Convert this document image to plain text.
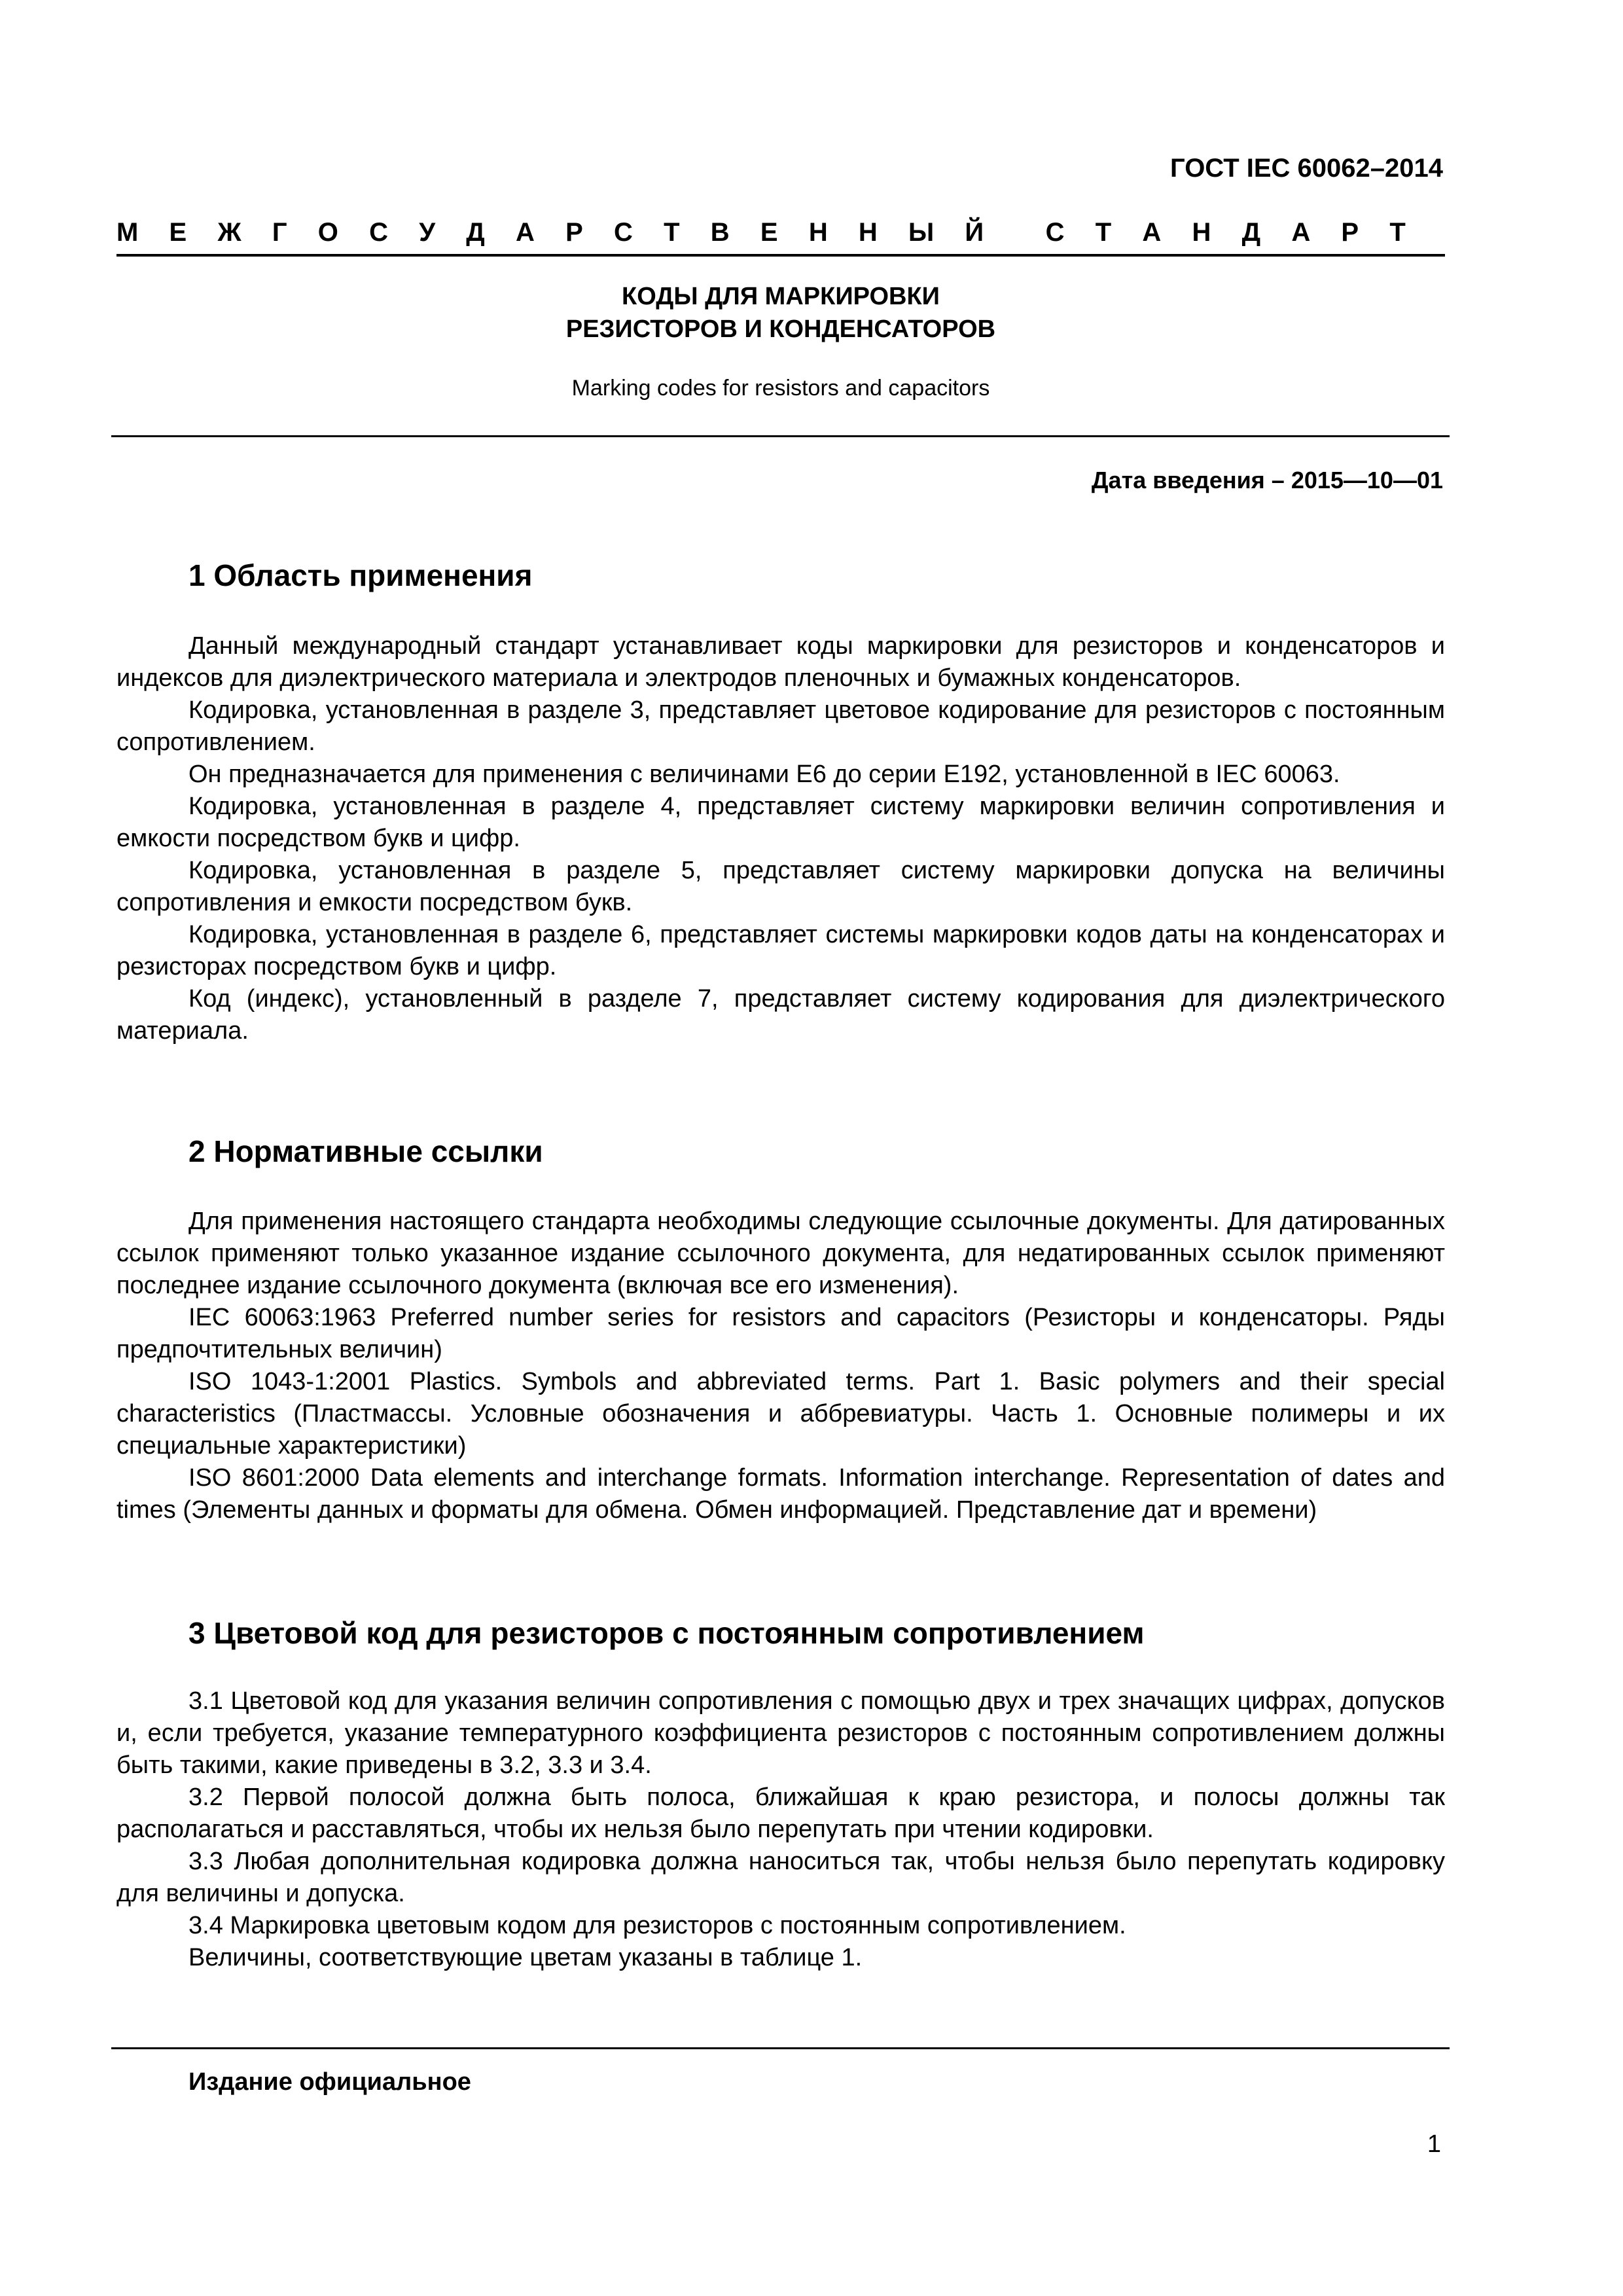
ГОСТ IEC 60062–2014
М Е Ж Г О С У Д А Р С Т В Е Н Н Ы Й С Т А Н Д А Р Т
КОДЫ ДЛЯ МАРКИРОВКИ
РЕЗИСТОРОВ И КОНДЕНСАТОРОВ
Marking codes for resistors and capacitors
Дата введения – 2015—10—01
1 Область применения

Данный международный стандарт устанавливает коды маркировки для резисторов и конденсаторов и индексов для диэлектрического материала и электродов пленочных и бумажных конденсаторов.

Кодировка, установленная в разделе 3, представляет цветовое кодирование для резисторов с постоянным сопротивлением.

Он предназначается для применения с величинами E6 до серии E192, установленной в IEC 60063.

Кодировка, установленная в разделе 4, представляет систему маркировки величин сопротивления и емкости посредством букв и цифр.

Кодировка, установленная в разделе 5, представляет систему маркировки допуска на величины сопротивления и емкости посредством букв.

Кодировка, установленная в разделе 6, представляет системы маркировки кодов даты на конденсаторах и резисторах посредством букв и цифр.

Код (индекс), установленный в разделе 7, представляет систему кодирования для диэлектрического материала.

2 Нормативные ссылки

Для применения настоящего стандарта необходимы следующие ссылочные документы. Для датированных ссылок применяют только указанное издание ссылочного документа, для недатированных ссылок применяют последнее издание ссылочного документа (включая все его изменения).

IEC 60063:1963 Preferred number series for resistors and capacitors (Резисторы и конденсаторы. Ряды предпочтительных величин)

ISO 1043-1:2001 Plastics. Symbols and abbreviated terms. Part 1. Basic polymers and their special characteristics (Пластмассы. Условные обозначения и аббревиатуры. Часть 1. Основные полимеры и их специальные характеристики)

ISO 8601:2000 Data elements and interchange formats. Information interchange. Representation of dates and times (Элементы данных и форматы для обмена. Обмен информацией. Представление дат и времени)

3 Цветовой код для резисторов с постоянным сопротивлением

3.1 Цветовой код для указания величин сопротивления с помощью двух и трех значащих цифрах, допусков и, если требуется, указание температурного коэффициента резисторов с постоянным сопротивлением должны быть такими, какие приведены в 3.2, 3.3 и 3.4.

3.2 Первой полосой должна быть полоса, ближайшая к краю резистора, и полосы должны так располагаться и расставляться, чтобы их нельзя было перепутать при чтении кодировки.

3.3 Любая дополнительная кодировка должна наноситься так, чтобы нельзя было перепутать кодировку для величины и допуска.

3.4 Маркировка цветовым кодом для резисторов с постоянным сопротивлением.

Величины, соответствующие цветам указаны в таблице 1.

Издание официальное
1
